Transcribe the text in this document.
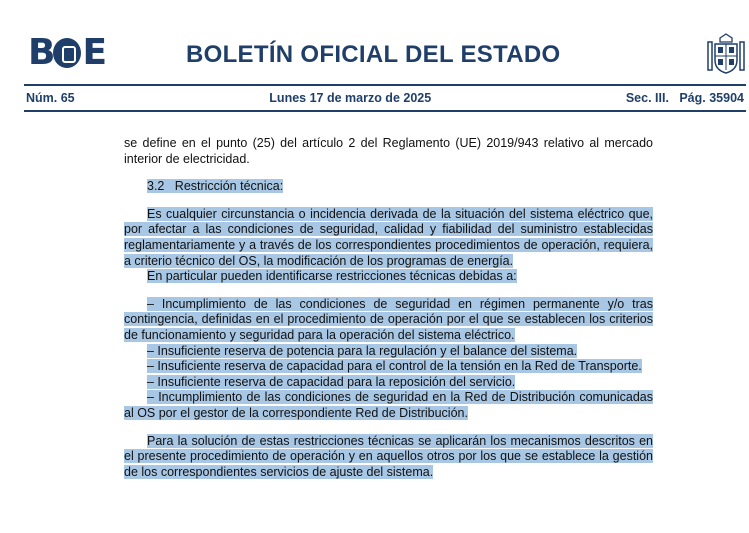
B E	BOLETÍN OFICIAL DEL ESTADO
Núm. 65	Lunes 17 de marzo de 2025	Sec. III.   Pág. 35904

se define en el punto (25) del artículo 2 del Reglamento (UE) 2019/943 relativo al mercado interior de electricidad.

3.2   Restricción técnica:

Es cualquier circunstancia o incidencia derivada de la situación del sistema eléctrico que, por afectar a las condiciones de seguridad, calidad y fiabilidad del suministro establecidas reglamentariamente y a través de los correspondientes procedimientos de operación, requiera, a criterio técnico del OS, la modificación de los programas de energía.

En particular pueden identificarse restricciones técnicas debidas a:

– Incumplimiento de las condiciones de seguridad en régimen permanente y/o tras contingencia, definidas en el procedimiento de operación por el que se establecen los criterios de funcionamiento y seguridad para la operación del sistema eléctrico.

– Insuficiente reserva de potencia para la regulación y el balance del sistema.

– Insuficiente reserva de capacidad para el control de la tensión en la Red de Transporte.

– Insuficiente reserva de capacidad para la reposición del servicio.

– Incumplimiento de las condiciones de seguridad en la Red de Distribución comunicadas al OS por el gestor de la correspondiente Red de Distribución.

Para la solución de estas restricciones técnicas se aplicarán los mecanismos descritos en el presente procedimiento de operación y en aquellos otros por los que se establece la gestión de los correspondientes servicios de ajuste del sistema.
